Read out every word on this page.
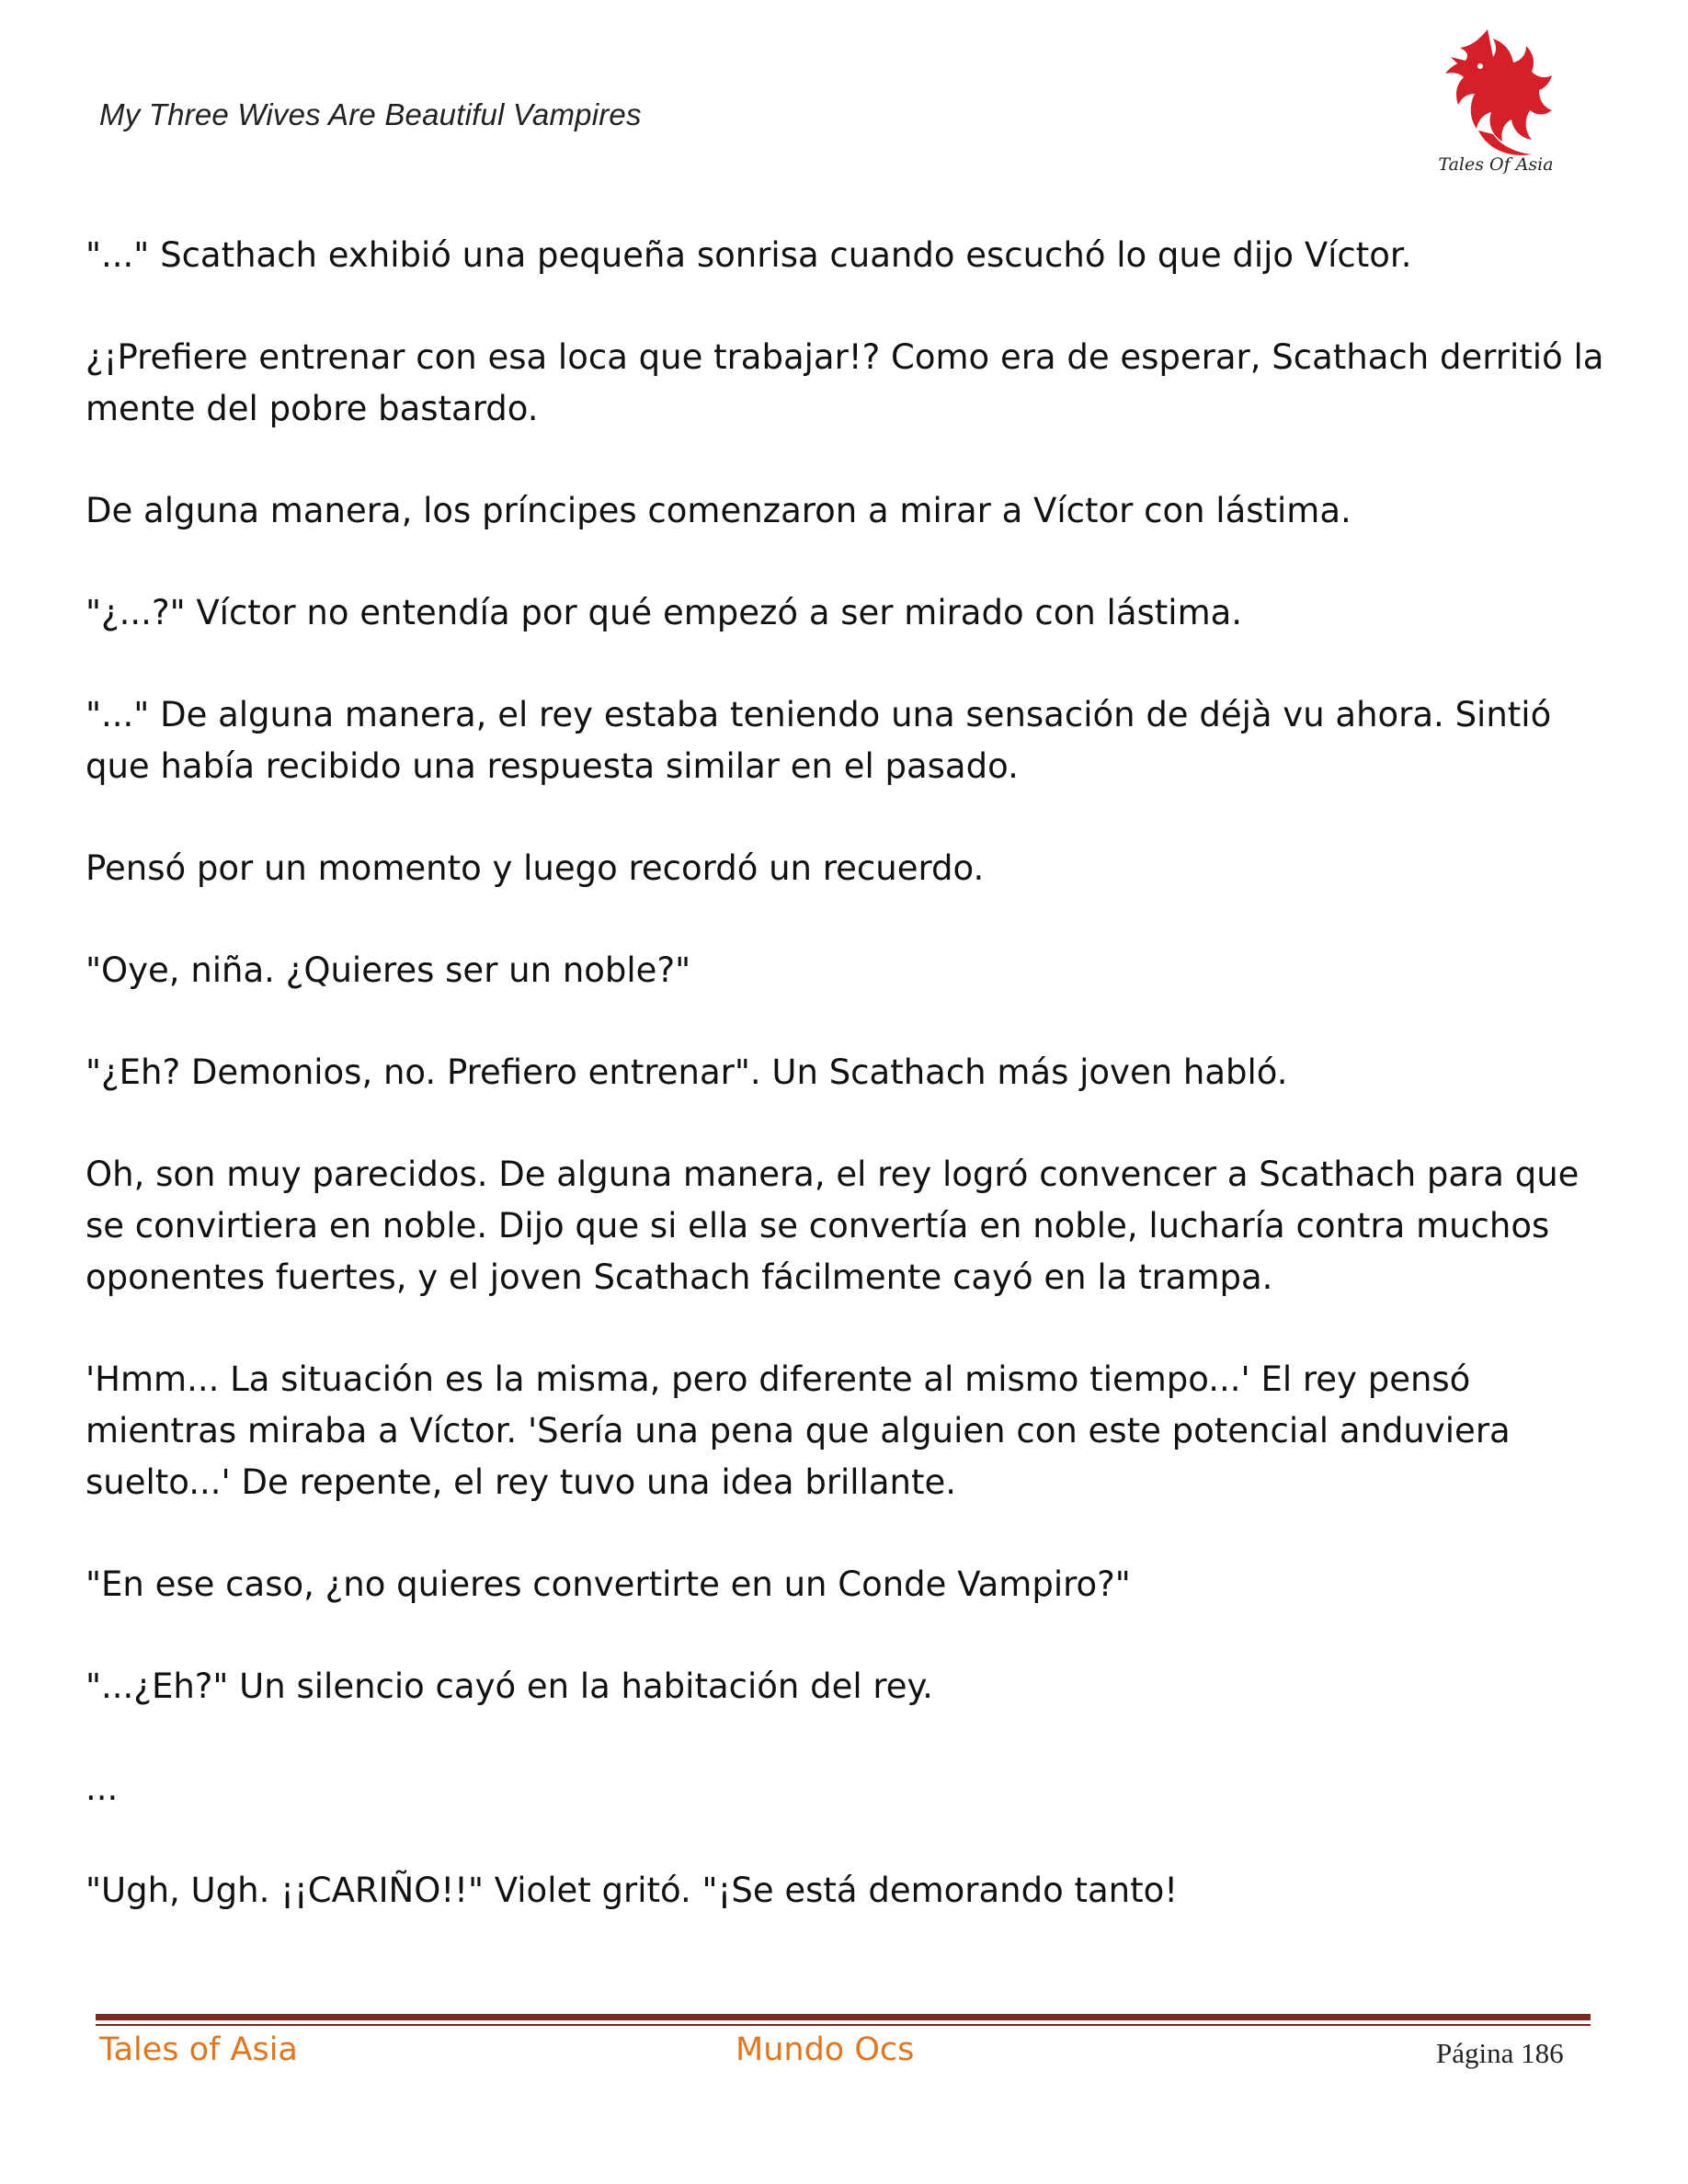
My Three Wives Are Beautiful Vampires
Tales Of Asia

"..." Scathach exhibió una pequeña sonrisa cuando escuchó lo que dijo Víctor.

¿¡Prefiere entrenar con esa loca que trabajar!? Como era de esperar, Scathach derritió la mente del pobre bastardo.

De alguna manera, los príncipes comenzaron a mirar a Víctor con lástima.

"¿...?" Víctor no entendía por qué empezó a ser mirado con lástima.

"..." De alguna manera, el rey estaba teniendo una sensación de déjà vu ahora. Sintió que había recibido una respuesta similar en el pasado.

Pensó por un momento y luego recordó un recuerdo.

"Oye, niña. ¿Quieres ser un noble?"

"¿Eh? Demonios, no. Prefiero entrenar". Un Scathach más joven habló.

Oh, son muy parecidos. De alguna manera, el rey logró convencer a Scathach para que se convirtiera en noble. Dijo que si ella se convertía en noble, lucharía contra muchos oponentes fuertes, y el joven Scathach fácilmente cayó en la trampa.

'Hmm... La situación es la misma, pero diferente al mismo tiempo...' El rey pensó mientras miraba a Víctor. 'Sería una pena que alguien con este potencial anduviera suelto...' De repente, el rey tuvo una idea brillante.

"En ese caso, ¿no quieres convertirte en un Conde Vampiro?"

"...¿Eh?" Un silencio cayó en la habitación del rey.

...

"Ugh, Ugh. ¡¡CARIÑO!!" Violet gritó. "¡Se está demorando tanto!

Tales of Asia	Mundo Ocs	Página 186
